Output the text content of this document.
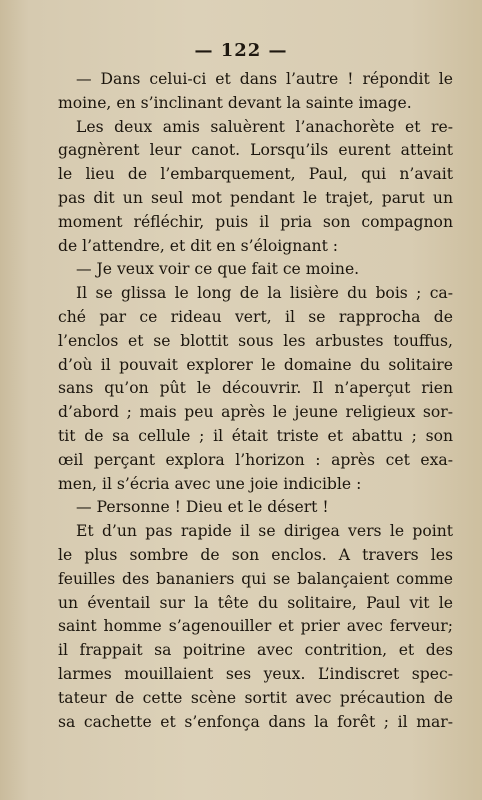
— 122 —
— Dans celui-ci et dans l’autre ! répondit le
moine, en s’inclinant devant la sainte image.
Les deux amis saluèrent l’anachorète et re-
gagnèrent leur canot. Lorsqu’ils eurent atteint
le lieu de l’embarquement, Paul, qui n’avait
pas dit un seul mot pendant le trajet, parut un
moment réfléchir, puis il pria son compagnon
de l’attendre, et dit en s’éloignant :
— Je veux voir ce que fait ce moine.
Il se glissa le long de la lisière du bois ; ca-
ché par ce rideau vert, il se rapprocha de
l’enclos et se blottit sous les arbustes touffus,
d’où il pouvait explorer le domaine du solitaire
sans qu’on pût le découvrir. Il n’aperçut rien
d’abord ; mais peu après le jeune religieux sor-
tit de sa cellule ; il était triste et abattu ; son
œil perçant explora l’horizon : après cet exa-
men, il s’écria avec une joie indicible :
— Personne ! Dieu et le désert !
Et d’un pas rapide il se dirigea vers le point
le plus sombre de son enclos. A travers les
feuilles des bananiers qui se balançaient comme
un éventail sur la tête du solitaire, Paul vit le
saint homme s’agenouiller et prier avec ferveur;
il frappait sa poitrine avec contrition, et des
larmes mouillaient ses yeux. L’indiscret spec-
tateur de cette scène sortit avec précaution de
sa cachette et s’enfonça dans la forêt ; il mar-
